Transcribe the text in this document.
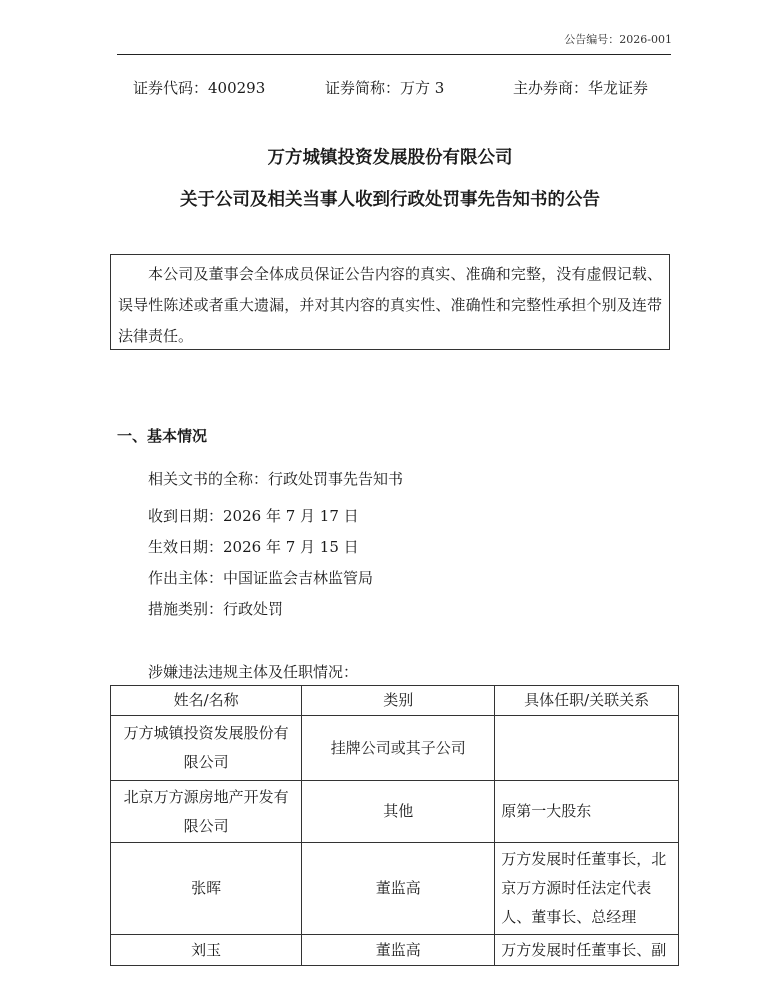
公告编号：2026-001
证券代码：400293	证券简称：万方 3	主办券商：华龙证券
万方城镇投资发展股份有限公司
关于公司及相关当事人收到行政处罚事先告知书的公告
本公司及董事会全体成员保证公告内容的真实、准确和完整，没有虚假记载、误导性陈述或者重大遗漏，并对其内容的真实性、准确性和完整性承担个别及连带法律责任。
一、基本情况
相关文书的全称：行政处罚事先告知书
收到日期：2026 年 7 月 17 日
生效日期：2026 年 7 月 15 日
作出主体：中国证监会吉林监管局
措施类别：行政处罚
涉嫌违法违规主体及任职情况：
姓名/名称	类别	具体任职/关联关系
万方城镇投资发展股份有限公司	挂牌公司或其子公司	
北京万方源房地产开发有限公司	其他	原第一大股东
张晖	董监高	万方发展时任董事长，北京万方源时任法定代表人、董事长、总经理
刘玉	董监高	万方发展时任董事长、副
